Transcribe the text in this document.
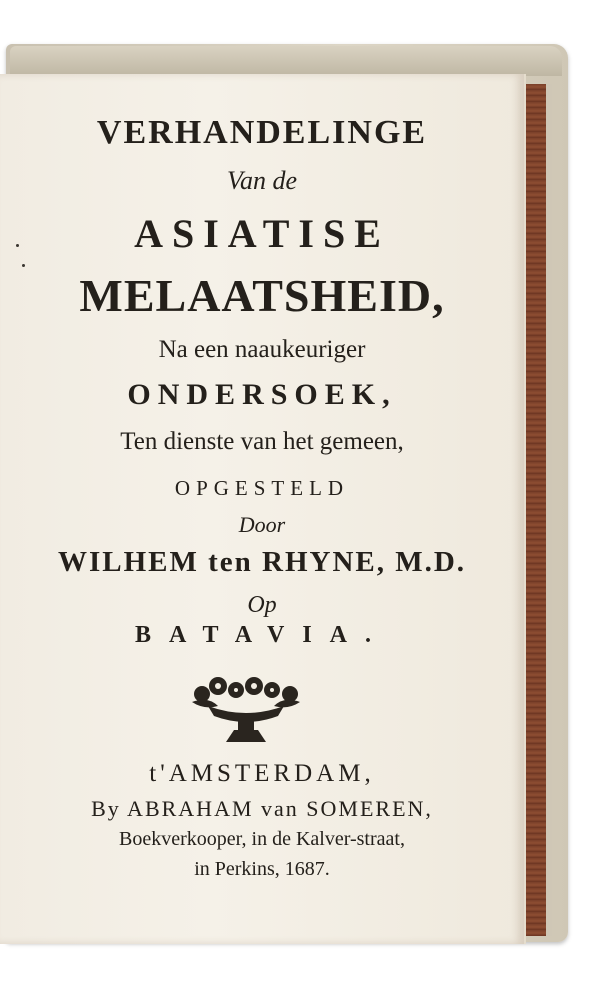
VERHANDELINGE
Van de
ASIATISE
MELAATSHEID,
Na een naaukeuriger
ONDERSOEK,
Ten dienste van het gemeen,
OPGESTELD
Door
WILHEM ten RHYNE, M.D.
Op
BATAVIA.
t'AMSTERDAM,
By ABRAHAM van SOMEREN,
Boekverkooper, in de Kalver-straat,
in Perkins, 1687.
